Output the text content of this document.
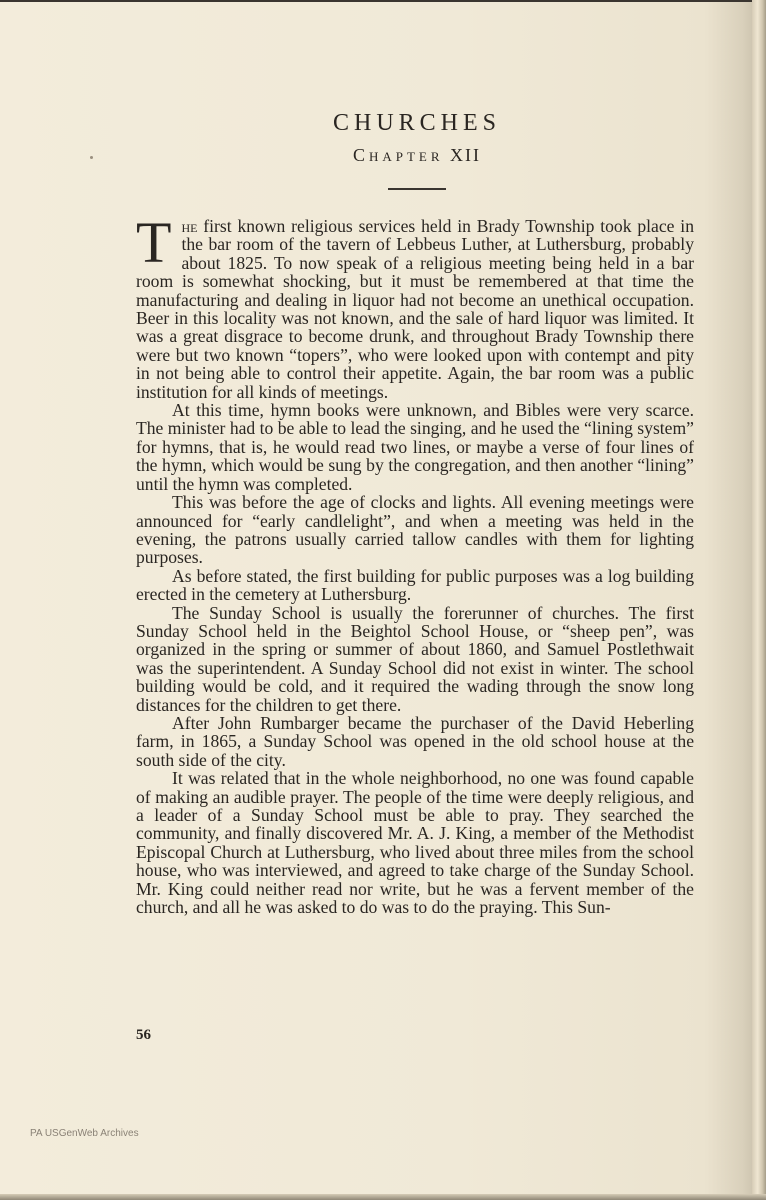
CHURCHES
Chapter XII

The first known religious services held in Brady Township took place in the bar room of the tavern of Lebbeus Luther, at Luthersburg, probably about 1825. To now speak of a religious meeting being held in a bar room is somewhat shocking, but it must be remembered at that time the manufacturing and dealing in liquor had not become an unethical occupation. Beer in this locality was not known, and the sale of hard liquor was limited. It was a great disgrace to become drunk, and throughout Brady Township there were but two known “topers”, who were looked upon with contempt and pity in not being able to control their appetite. Again, the bar room was a public institution for all kinds of meetings.

At this time, hymn books were unknown, and Bibles were very scarce. The minister had to be able to lead the singing, and he used the “lining system” for hymns, that is, he would read two lines, or maybe a verse of four lines of the hymn, which would be sung by the congregation, and then another “lining” until the hymn was completed.

This was before the age of clocks and lights. All evening meetings were announced for “early candlelight”, and when a meeting was held in the evening, the patrons usually carried tallow candles with them for lighting purposes.

As before stated, the first building for public purposes was a log building erected in the cemetery at Luthersburg.

The Sunday School is usually the forerunner of churches. The first Sunday School held in the Beightol School House, or “sheep pen”, was organized in the spring or summer of about 1860, and Samuel Postlethwait was the superintendent. A Sunday School did not exist in winter. The school building would be cold, and it required the wading through the snow long distances for the children to get there.

After John Rumbarger became the purchaser of the David Heberling farm, in 1865, a Sunday School was opened in the old school house at the south side of the city.

It was related that in the whole neighborhood, no one was found capable of making an audible prayer. The people of the time were deeply religious, and a leader of a Sunday School must be able to pray. They searched the community, and finally discovered Mr. A. J. King, a member of the Methodist Episcopal Church at Luthersburg, who lived about three miles from the school house, who was interviewed, and agreed to take charge of the Sunday School. Mr. King could neither read nor write, but he was a fervent member of the church, and all he was asked to do was to do the praying. This Sun-

56
PA USGenWeb Archives
